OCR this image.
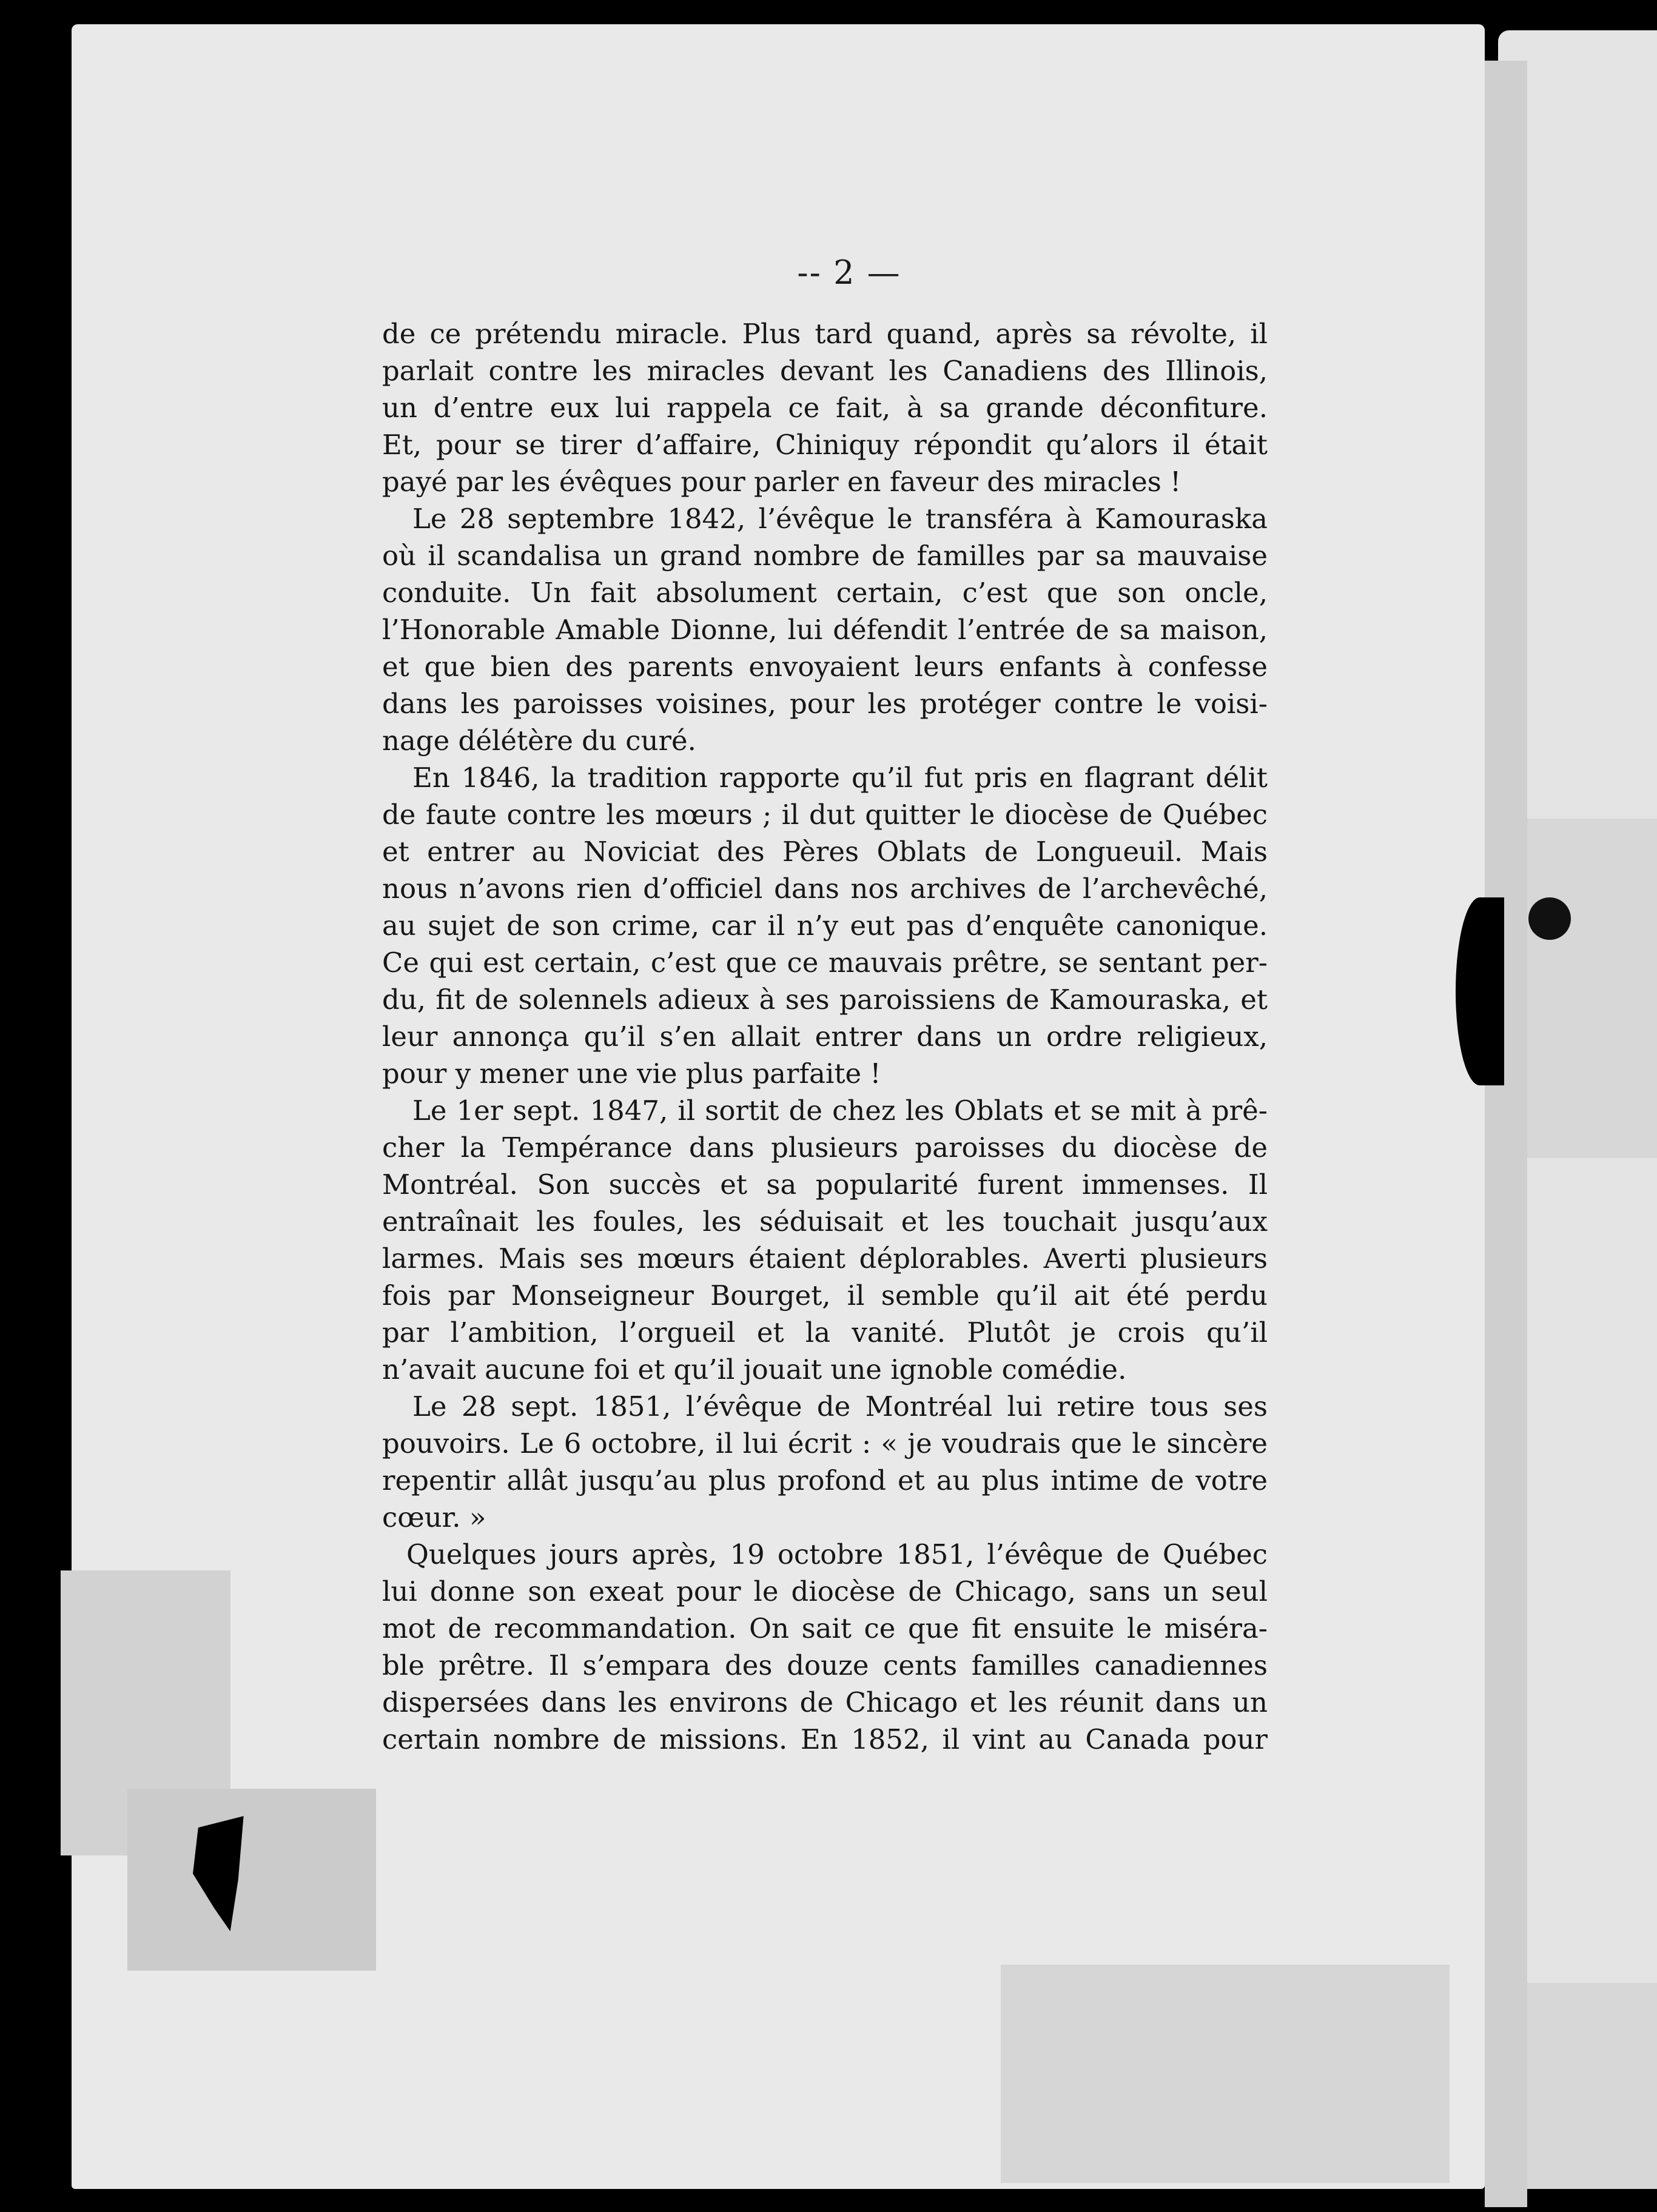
-- 2 —
de ce prétendu miracle. Plus tard quand, après sa révolte, il
parlait contre les miracles devant les Canadiens des Illinois,
un d’entre eux lui rappela ce fait, à sa grande déconfiture.
Et, pour se tirer d’affaire, Chiniquy répondit qu’alors il était
payé par les évêques pour parler en faveur des miracles !
Le 28 septembre 1842, l’évêque le transféra à Kamouraska
où il scandalisa un grand nombre de familles par sa mauvaise
conduite. Un fait absolument certain, c’est que son oncle,
l’Honorable Amable Dionne, lui défendit l’entrée de sa maison,
et que bien des parents envoyaient leurs enfants à confesse
dans les paroisses voisines, pour les protéger contre le voisi-
nage délétère du curé.
En 1846, la tradition rapporte qu’il fut pris en flagrant délit
de faute contre les mœurs ; il dut quitter le diocèse de Québec
et entrer au Noviciat des Pères Oblats de Longueuil. Mais
nous n’avons rien d’officiel dans nos archives de l’archevêché,
au sujet de son crime, car il n’y eut pas d’enquête canonique.
Ce qui est certain, c’est que ce mauvais prêtre, se sentant per-
du, fit de solennels adieux à ses paroissiens de Kamouraska, et
leur annonça qu’il s’en allait entrer dans un ordre religieux,
pour y mener une vie plus parfaite !
Le 1er sept. 1847, il sortit de chez les Oblats et se mit à prê-
cher la Tempérance dans plusieurs paroisses du diocèse de
Montréal. Son succès et sa popularité furent immenses. Il
entraînait les foules, les séduisait et les touchait jusqu’aux
larmes. Mais ses mœurs étaient déplorables. Averti plusieurs
fois par Monseigneur Bourget, il semble qu’il ait été perdu
par l’ambition, l’orgueil et la vanité. Plutôt je crois qu’il
n’avait aucune foi et qu’il jouait une ignoble comédie.
Le 28 sept. 1851, l’évêque de Montréal lui retire tous ses
pouvoirs. Le 6 octobre, il lui écrit : « je voudrais que le sincère
repentir allât jusqu’au plus profond et au plus intime de votre
cœur. »
Quelques jours après, 19 octobre 1851, l’évêque de Québec
lui donne son exeat pour le diocèse de Chicago, sans un seul
mot de recommandation. On sait ce que fit ensuite le miséra-
ble prêtre. Il s’empara des douze cents familles canadiennes
dispersées dans les environs de Chicago et les réunit dans un
certain nombre de missions. En 1852, il vint au Canada pour
